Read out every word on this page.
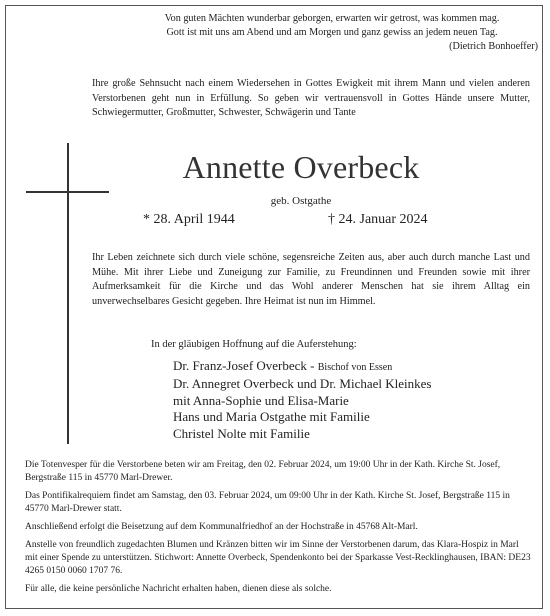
Von guten Mächten wunderbar geborgen, erwarten wir getrost, was kommen mag.
Gott ist mit uns am Abend und am Morgen und ganz gewiss an jedem neuen Tag.
(Dietrich Bonhoeffer)
Ihre große Sehnsucht nach einem Wiedersehen in Gottes Ewigkeit mit ihrem Mann und vielen anderen Verstorbenen geht nun in Erfüllung. So geben wir vertrauensvoll in Gottes Hände unsere Mutter, Schwiegermutter, Großmutter, Schwester, Schwägerin und Tante
Annette Overbeck
geb. Ostgathe
* 28. April 1944	† 24. Januar 2024
Ihr Leben zeichnete sich durch viele schöne, segensreiche Zeiten aus, aber auch durch manche Last und Mühe. Mit ihrer Liebe und Zuneigung zur Familie, zu Freundinnen und Freunden sowie mit ihrer Aufmerksamkeit für die Kirche und das Wohl anderer Menschen hat sie ihrem Alltag ein unverwechselbares Gesicht gegeben. Ihre Heimat ist nun im Himmel.
In der gläubigen Hoffnung auf die Auferstehung:
Dr. Franz-Josef Overbeck - Bischof von Essen
Dr. Annegret Overbeck und Dr. Michael Kleinkes
mit Anna-Sophie und Elisa-Marie
Hans und Maria Ostgathe mit Familie
Christel Nolte mit Familie

Die Totenvesper für die Verstorbene beten wir am Freitag, den 02. Februar 2024, um 19:00 Uhr in der Kath. Kirche St. Josef, Bergstraße 115 in 45770 Marl-Drewer.

Das Pontifikalrequiem findet am Samstag, den 03. Februar 2024, um 09:00 Uhr in der Kath. Kirche St. Josef, Bergstraße 115 in 45770 Marl-Drewer statt.

Anschließend erfolgt die Beisetzung auf dem Kommunalfriedhof an der Hochstraße in 45768 Alt-Marl.

Anstelle von freundlich zugedachten Blumen und Kränzen bitten wir im Sinne der Verstorbenen darum, das Klara-Hospiz in Marl mit einer Spende zu unterstützen. Stichwort: Annette Overbeck, Spendenkonto bei der Sparkasse Vest-Recklinghausen, IBAN: DE23 4265 0150 0060 1707 76.

Für alle, die keine persönliche Nachricht erhalten haben, dienen diese als solche.
